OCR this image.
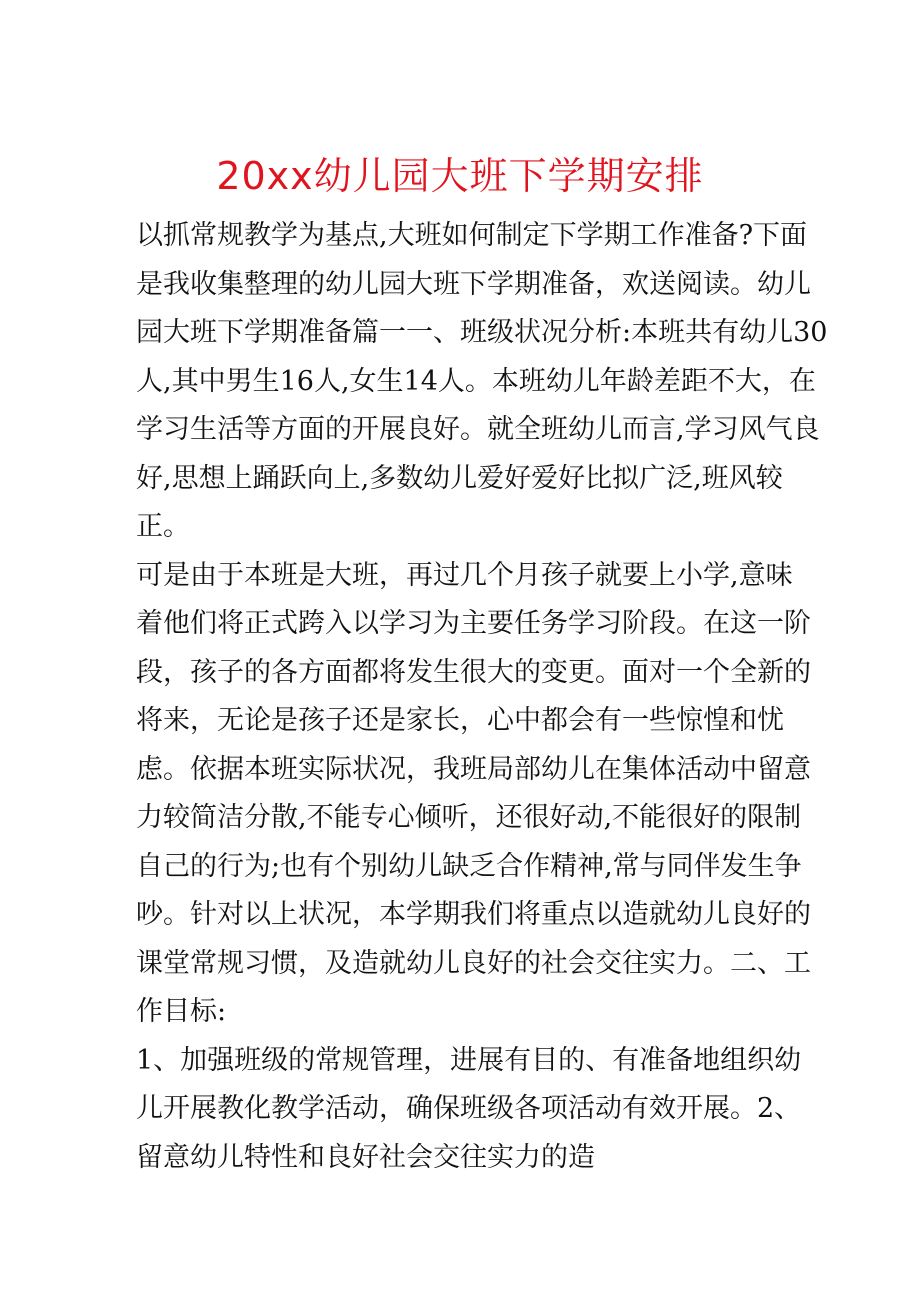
20xx幼儿园大班下学期安排

以抓常规教学为基点,大班如何制定下学期工作准备?下面
是我收集整理的幼儿园大班下学期准备，欢送阅读。幼儿
园大班下学期准备篇一一、班级状况分析:本班共有幼儿30
人,其中男生16人,女生14人。本班幼儿年龄差距不大，在
学习生活等方面的开展良好。就全班幼儿而言,学习风气良
好,思想上踊跃向上,多数幼儿爱好爱好比拟广泛,班风较
正。

可是由于本班是大班，再过几个月孩子就要上小学,意味
着他们将正式跨入以学习为主要任务学习阶段。在这一阶
段，孩子的各方面都将发生很大的变更。面对一个全新的
将来，无论是孩子还是家长，心中都会有一些惊惶和忧
虑。依据本班实际状况，我班局部幼儿在集体活动中留意
力较简洁分散,不能专心倾听，还很好动,不能很好的限制
自己的行为;也有个别幼儿缺乏合作精神,常与同伴发生争
吵。针对以上状况，本学期我们将重点以造就幼儿良好的
课堂常规习惯，及造就幼儿良好的社会交往实力。二、工
作目标:

1、加强班级的常规管理，进展有目的、有准备地组织幼
儿开展教化教学活动，确保班级各项活动有效开展。2、
留意幼儿特性和良好社会交往实力的造
